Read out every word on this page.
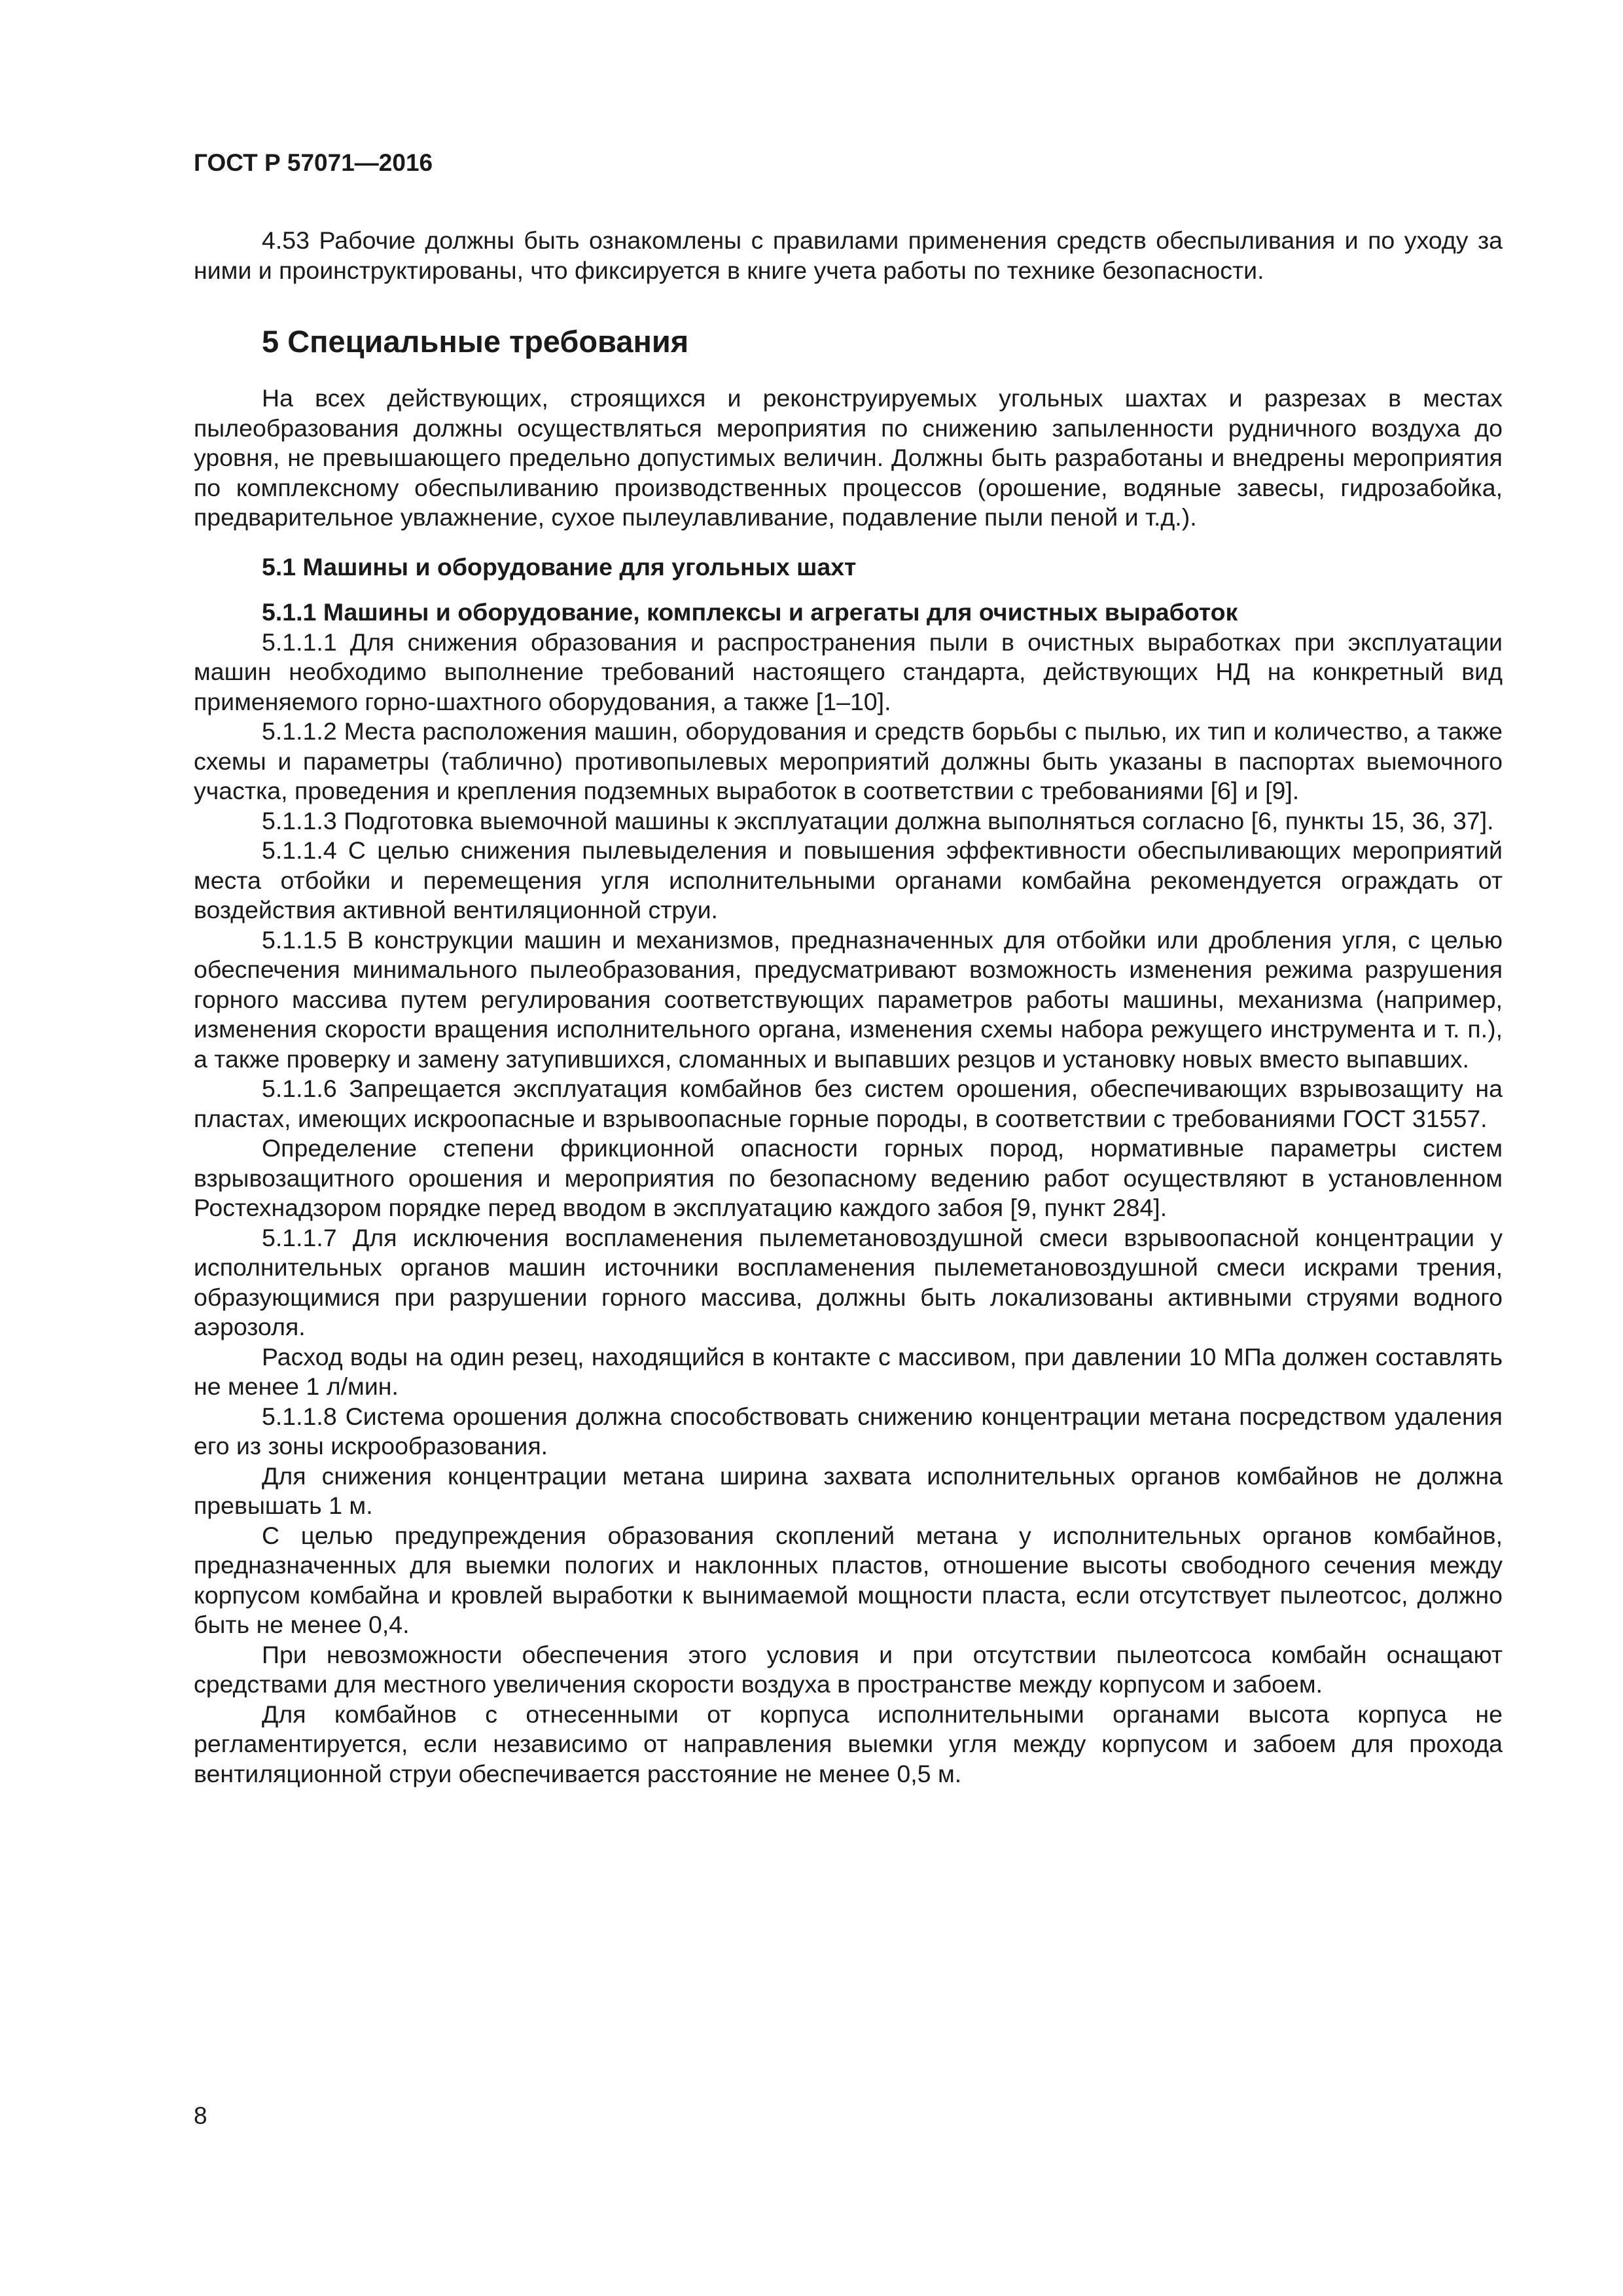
ГОСТ Р 57071—2016

4.53 Рабочие должны быть ознакомлены с правилами применения средств обеспыливания и по уходу за ними и проинструктированы, что фиксируется в книге учета работы по технике безопасности.

5 Специальные требования

На всех действующих, строящихся и реконструируемых угольных шахтах и разрезах в местах пылеобразования должны осуществляться мероприятия по снижению запыленности рудничного воздуха до уровня, не превышающего предельно допустимых величин. Должны быть разработаны и внедрены мероприятия по комплексному обеспыливанию производственных процессов (орошение, водяные завесы, гидрозабойка, предварительное увлажнение, сухое пылеулавливание, подавление пыли пеной и т.д.).

5.1 Машины и оборудование для угольных шахт

5.1.1 Машины и оборудование, комплексы и агрегаты для очистных выработок

5.1.1.1 Для снижения образования и распространения пыли в очистных выработках при эксплуатации машин необходимо выполнение требований настоящего стандарта, действующих НД на конкретный вид применяемого горно-шахтного оборудования, а также [1–10].

5.1.1.2 Места расположения машин, оборудования и средств борьбы с пылью, их тип и количество, а также схемы и параметры (таблично) противопылевых мероприятий должны быть указаны в паспортах выемочного участка, проведения и крепления подземных выработок в соответствии с требованиями [6] и [9].

5.1.1.3 Подготовка выемочной машины к эксплуатации должна выполняться согласно [6, пункты 15, 36, 37].

5.1.1.4 С целью снижения пылевыделения и повышения эффективности обеспыливающих мероприятий места отбойки и перемещения угля исполнительными органами комбайна рекомендуется ограждать от воздействия активной вентиляционной струи.

5.1.1.5 В конструкции машин и механизмов, предназначенных для отбойки или дробления угля, с целью обеспечения минимального пылеобразования, предусматривают возможность изменения режима разрушения горного массива путем регулирования соответствующих параметров работы машины, механизма (например, изменения скорости вращения исполнительного органа, изменения схемы набора режущего инструмента и т. п.), а также проверку и замену затупившихся, сломанных и выпавших резцов и установку новых вместо выпавших.

5.1.1.6 Запрещается эксплуатация комбайнов без систем орошения, обеспечивающих взрывозащиту на пластах, имеющих искроопасные и взрывоопасные горные породы, в соответствии с требованиями ГОСТ 31557.

Определение степени фрикционной опасности горных пород, нормативные параметры систем взрывозащитного орошения и мероприятия по безопасному ведению работ осуществляют в установленном Ростехнадзором порядке перед вводом в эксплуатацию каждого забоя [9, пункт 284].

5.1.1.7 Для исключения воспламенения пылеметановоздушной смеси взрывоопасной концентрации у исполнительных органов машин источники воспламенения пылеметановоздушной смеси искрами трения, образующимися при разрушении горного массива, должны быть локализованы активными струями водного аэрозоля.

Расход воды на один резец, находящийся в контакте с массивом, при давлении 10 МПа должен составлять не менее 1 л/мин.

5.1.1.8 Система орошения должна способствовать снижению концентрации метана посредством удаления его из зоны искрообразования.

Для снижения концентрации метана ширина захвата исполнительных органов комбайнов не должна превышать 1 м.

С целью предупреждения образования скоплений метана у исполнительных органов комбайнов, предназначенных для выемки пологих и наклонных пластов, отношение высоты свободного сечения между корпусом комбайна и кровлей выработки к вынимаемой мощности пласта, если отсутствует пылеотсос, должно быть не менее 0,4.

При невозможности обеспечения этого условия и при отсутствии пылеотсоса комбайн оснащают средствами для местного увеличения скорости воздуха в пространстве между корпусом и забоем.

Для комбайнов с отнесенными от корпуса исполнительными органами высота корпуса не регламентируется, если независимо от направления выемки угля между корпусом и забоем для прохода вентиляционной струи обеспечивается расстояние не менее 0,5 м.

8
